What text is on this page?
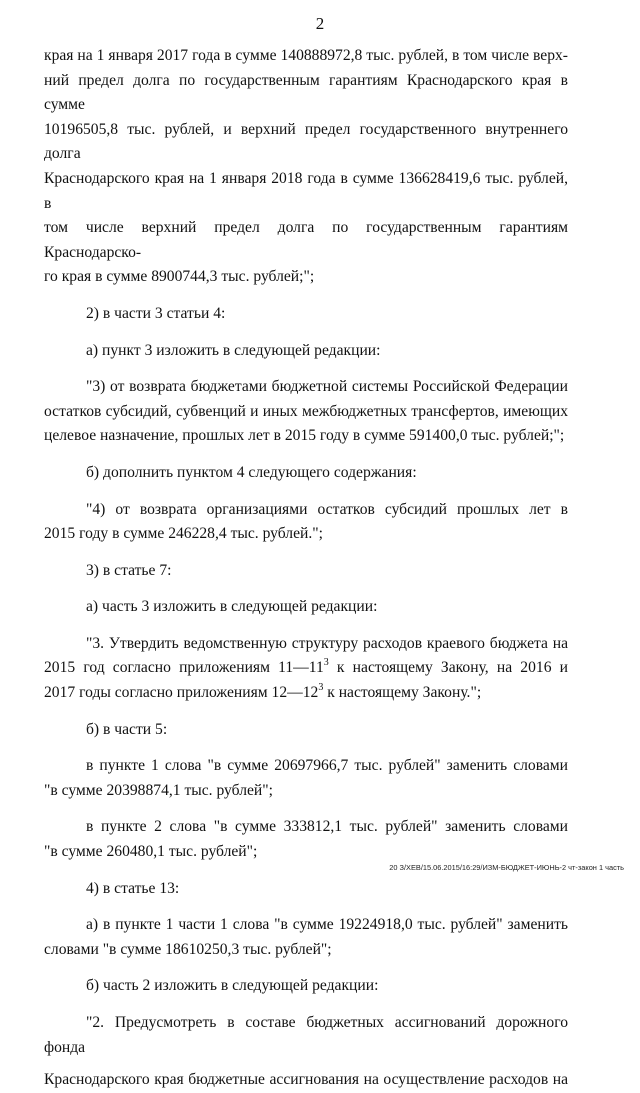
2

края на 1 января 2017 года в сумме 140888972,8 тыс. рублей, в том числе верх-

ний предел долга по государственным гарантиям Краснодарского края в сумме

10196505,8 тыс. рублей, и верхний предел государственного внутреннего долга

Краснодарского края на 1 января 2018 года в сумме 136628419,6 тыс. рублей, в

том числе верхний предел долга по государственным гарантиям Краснодарско-

го края в сумме 8900744,3 тыс. рублей;";

2) в части 3 статьи 4:

а) пункт 3 изложить в следующей редакции:

"3) от возврата бюджетами бюджетной системы Российской Федерации

остатков субсидий, субвенций и иных межбюджетных трансфертов, имеющих

целевое назначение, прошлых лет в 2015 году в сумме 591400,0 тыс. рублей;";

б) дополнить пунктом 4 следующего содержания:

"4) от возврата организациями остатков субсидий прошлых лет в

2015 году в сумме 246228,4 тыс. рублей.";

3) в статье 7:

а) часть 3 изложить в следующей редакции:

"3. Утвердить ведомственную структуру расходов краевого бюджета на

2015 год согласно приложениям $11—11^3$ к настоящему Закону, на 2016 и

2017 годы согласно приложениям $12—12^3$ к настоящему Закону.";

б) в части 5:

в пункте 1 слова "в сумме 20697966,7 тыс. рублей" заменить словами

"в сумме 20398874,1 тыс. рублей";

в пункте 2 слова "в сумме 333812,1 тыс. рублей" заменить словами

"в сумме 260480,1 тыс. рублей";

4) в статье 13:

а) в пункте 1 части 1 слова "в сумме 19224918,0 тыс. рублей" заменить

словами "в сумме 18610250,3 тыс. рублей";

б) часть 2 изложить в следующей редакции:

"2. Предусмотреть в составе бюджетных ассигнований дорожного фонда

Краснодарского края бюджетные ассигнования на осуществление расходов на

20 З/ХЕВ/15.06.2015/16:29/ИЗМ-БЮДЖЕТ-ИЮНЬ-2 чт-закон 1 часть
